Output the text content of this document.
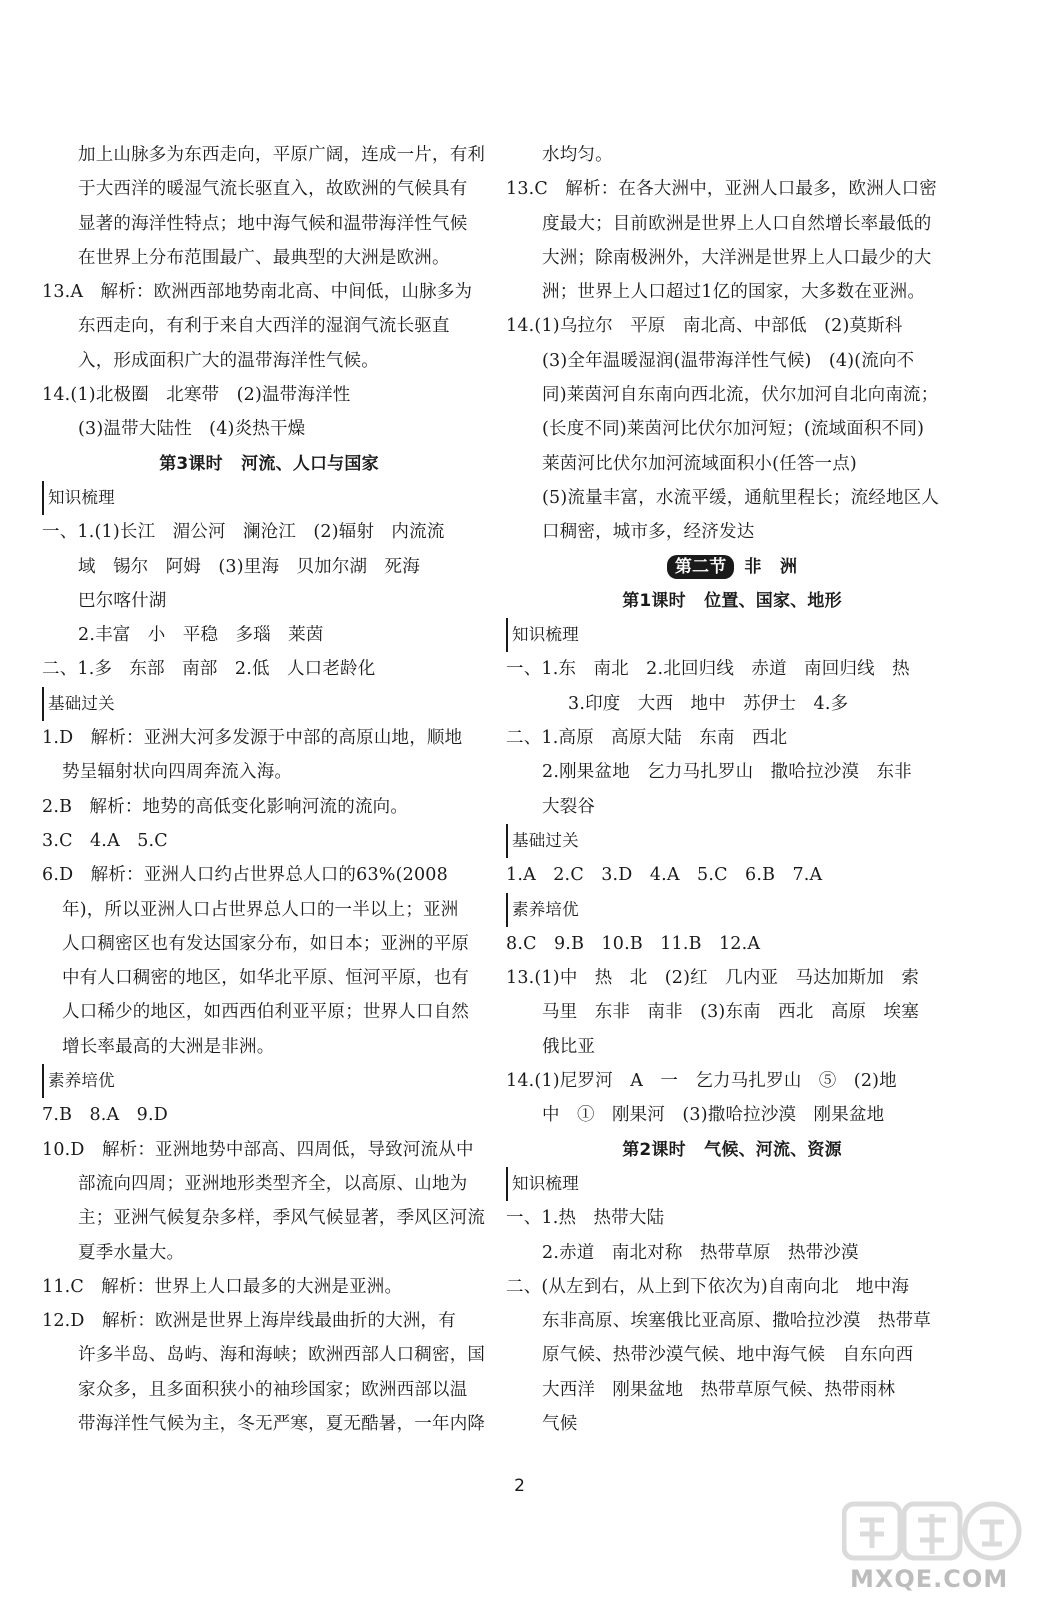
加上山脉多为东西走向，平原广阔，连成一片，有利
于大西洋的暖湿气流长驱直入，故欧洲的气候具有
显著的海洋性特点；地中海气候和温带海洋性气候
在世界上分布范围最广、最典型的大洲是欧洲。
13.A   解析：欧洲西部地势南北高、中间低，山脉多为
东西走向，有利于来自大西洋的湿润气流长驱直
入，形成面积广大的温带海洋性气候。
14.(1)北极圈   北寒带   (2)温带海洋性
(3)温带大陆性   (4)炎热干燥
第3课时   河流、人口与国家
知识梳理
一、1.(1)长江   湄公河   澜沧江   (2)辐射   内流流
域   锡尔   阿姆   (3)里海   贝加尔湖   死海
巴尔喀什湖
2.丰富   小   平稳   多瑙   莱茵
二、1.多   东部   南部   2.低   人口老龄化
基础过关
1.D   解析：亚洲大河多发源于中部的高原山地，顺地
势呈辐射状向四周奔流入海。
2.B   解析：地势的高低变化影响河流的流向。
3.C   4.A   5.C
6.D   解析：亚洲人口约占世界总人口的63%(2008
年)，所以亚洲人口占世界总人口的一半以上；亚洲
人口稠密区也有发达国家分布，如日本；亚洲的平原
中有人口稠密的地区，如华北平原、恒河平原，也有
人口稀少的地区，如西西伯利亚平原；世界人口自然
增长率最高的大洲是非洲。
素养培优
7.B   8.A   9.D
10.D   解析：亚洲地势中部高、四周低，导致河流从中
部流向四周；亚洲地形类型齐全，以高原、山地为
主；亚洲气候复杂多样，季风气候显著，季风区河流
夏季水量大。
11.C   解析：世界上人口最多的大洲是亚洲。
12.D   解析：欧洲是世界上海岸线最曲折的大洲，有
许多半岛、岛屿、海和海峡；欧洲西部人口稠密，国
家众多，且多面积狭小的袖珍国家；欧洲西部以温
带海洋性气候为主，冬无严寒，夏无酷暑，一年内降
水均匀。
13.C   解析：在各大洲中，亚洲人口最多，欧洲人口密
度最大；目前欧洲是世界上人口自然增长率最低的
大洲；除南极洲外，大洋洲是世界上人口最少的大
洲；世界上人口超过1亿的国家，大多数在亚洲。
14.(1)乌拉尔   平原   南北高、中部低   (2)莫斯科
(3)全年温暖湿润(温带海洋性气候)   (4)(流向不
同)莱茵河自东南向西北流，伏尔加河自北向南流；
(长度不同)莱茵河比伏尔加河短；(流域面积不同)
莱茵河比伏尔加河流域面积小(任答一点)
(5)流量丰富，水流平缓，通航里程长；流经地区人
口稠密，城市多，经济发达
第二节 非   洲
第1课时   位置、国家、地形
知识梳理
一、1.东   南北   2.北回归线   赤道   南回归线   热
3.印度   大西   地中   苏伊士   4.多
二、1.高原   高原大陆   东南   西北
2.刚果盆地   乞力马扎罗山   撒哈拉沙漠   东非
大裂谷
基础过关
1.A   2.C   3.D   4.A   5.C   6.B   7.A
素养培优
8.C   9.B   10.B   11.B   12.A
13.(1)中   热   北   (2)红   几内亚   马达加斯加   索
马里   东非   南非   (3)东南   西北   高原   埃塞
俄比亚
14.(1)尼罗河   A   一   乞力马扎罗山   ⑤   (2)地
中   ①   刚果河   (3)撒哈拉沙漠   刚果盆地
第2课时   气候、河流、资源
知识梳理
一、1.热   热带大陆
2.赤道   南北对称   热带草原   热带沙漠
二、(从左到右，从上到下依次为)自南向北   地中海
东非高原、埃塞俄比亚高原、撒哈拉沙漠   热带草
原气候、热带沙漠气候、地中海气候   自东向西
大西洋   刚果盆地   热带草原气候、热带雨林
气候
2
MXQE.COM
